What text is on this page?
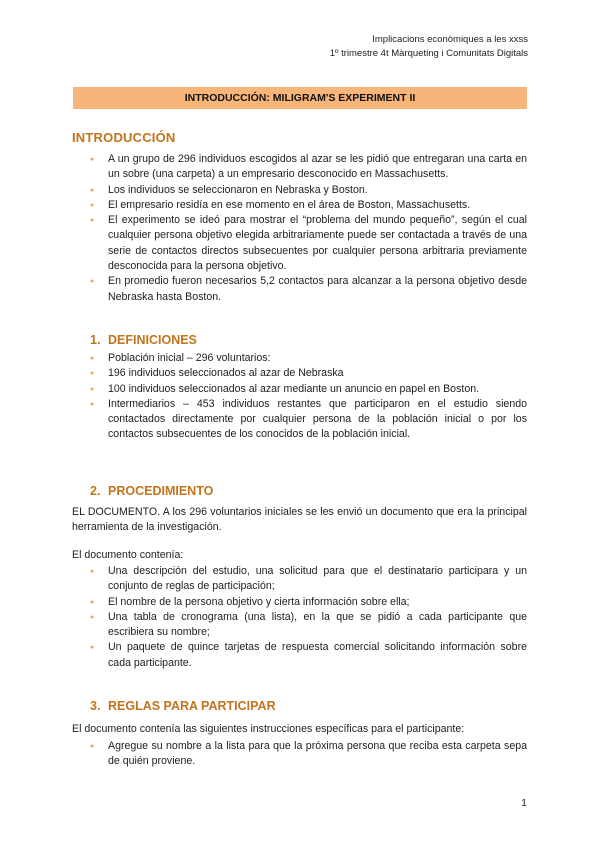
Implicacions econòmiques a les xxss
1º trimestre 4t Màrqueting i Comunitats Digitals
INTRODUCCIÓN: MILIGRAM'S EXPERIMENT II
INTRODUCCIÓN
● A un grupo de 296 individuos escogidos al azar se les pidió que entregaran una carta en un sobre (una carpeta) a un empresario desconocido en Massachusetts.
● Los individuos se seleccionaron en Nebraska y Boston.
● El empresario residía en ese momento en el área de Boston, Massachusetts.
● El experimento se ideó para mostrar el “problema del mundo pequeño”, según el cual cualquier persona objetivo elegida arbitrariamente puede ser contactada a través de una serie de contactos directos subsecuentes por cualquier persona arbitraria previamente desconocida para la persona objetivo.
● En promedio fueron necesarios 5,2 contactos para alcanzar a la persona objetivo desde Nebraska hasta Boston.
1. DEFINICIONES
● Población inicial – 296 voluntarios:
● 196 individuos seleccionados al azar de Nebraska
● 100 individuos seleccionados al azar mediante un anuncio en papel en Boston.
● Intermediarios – 453 individuos restantes que participaron en el estudio siendo contactados directamente por cualquier persona de la población inicial o por los contactos subsecuentes de los conocidos de la población inicial.
2. PROCEDIMIENTO

EL DOCUMENTO. A los 296 voluntarios iniciales se les envió un documento que era la principal herramienta de la investigación.

El documento contenía:

● Una descripción del estudio, una solicitud para que el destinatario participara y un conjunto de reglas de participación;
● El nombre de la persona objetivo y cierta información sobre ella;
● Una tabla de cronograma (una lista), en la que se pidió a cada participante que escribiera su nombre;
● Un paquete de quince tarjetas de respuesta comercial solicitando información sobre cada participante.
3. REGLAS PARA PARTICIPAR

El documento contenía las siguientes instrucciones específicas para el participante:

● Agregue su nombre a la lista para que la próxima persona que reciba esta carpeta sepa de quién proviene.
1
